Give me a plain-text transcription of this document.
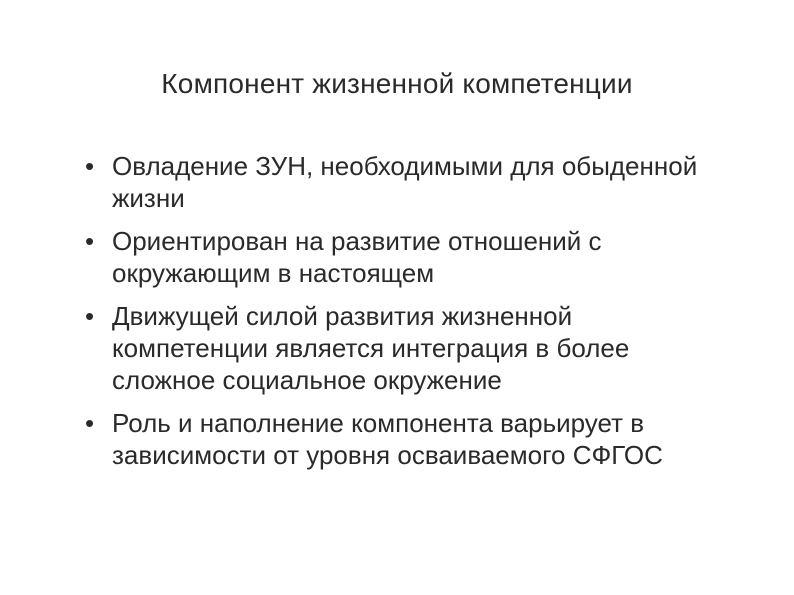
Компонент жизненной компетенции
• Овладение ЗУН, необходимыми для обыденной жизни
• Ориентирован на развитие отношений с окружающим в настоящем
• Движущей силой развития жизненной компетенции является интеграция в более сложное социальное окружение
• Роль и наполнение компонента варьирует в зависимости от уровня осваиваемого СФГОС
